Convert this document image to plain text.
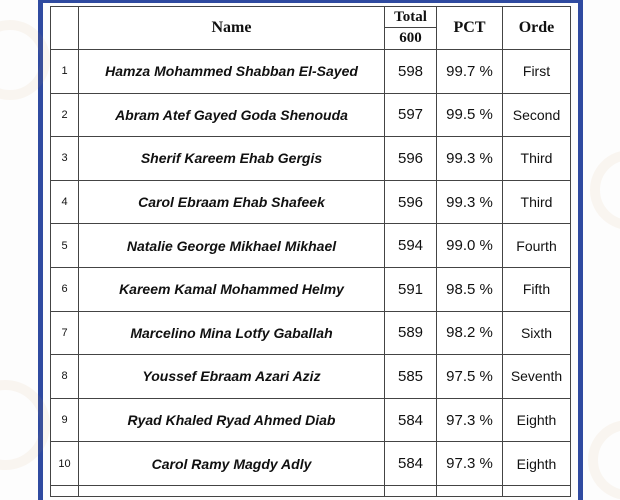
	Name	Total	PCT	Orde
		600		
1	Hamza Mohammed Shabban El-Sayed	598	99.7 %	First
2	Abram Atef Gayed Goda Shenouda	597	99.5 %	Second
3	Sherif Kareem Ehab Gergis	596	99.3 %	Third
4	Carol Ebraam Ehab Shafeek	596	99.3 %	Third
5	Natalie George Mikhael Mikhael	594	99.0 %	Fourth
6	Kareem Kamal Mohammed Helmy	591	98.5 %	Fifth
7	Marcelino Mina Lotfy Gaballah	589	98.2 %	Sixth
8	Youssef Ebraam Azari Aziz	585	97.5 %	Seventh
9	Ryad Khaled Ryad Ahmed Diab	584	97.3 %	Eighth
10	Carol Ramy Magdy Adly	584	97.3 %	Eighth
